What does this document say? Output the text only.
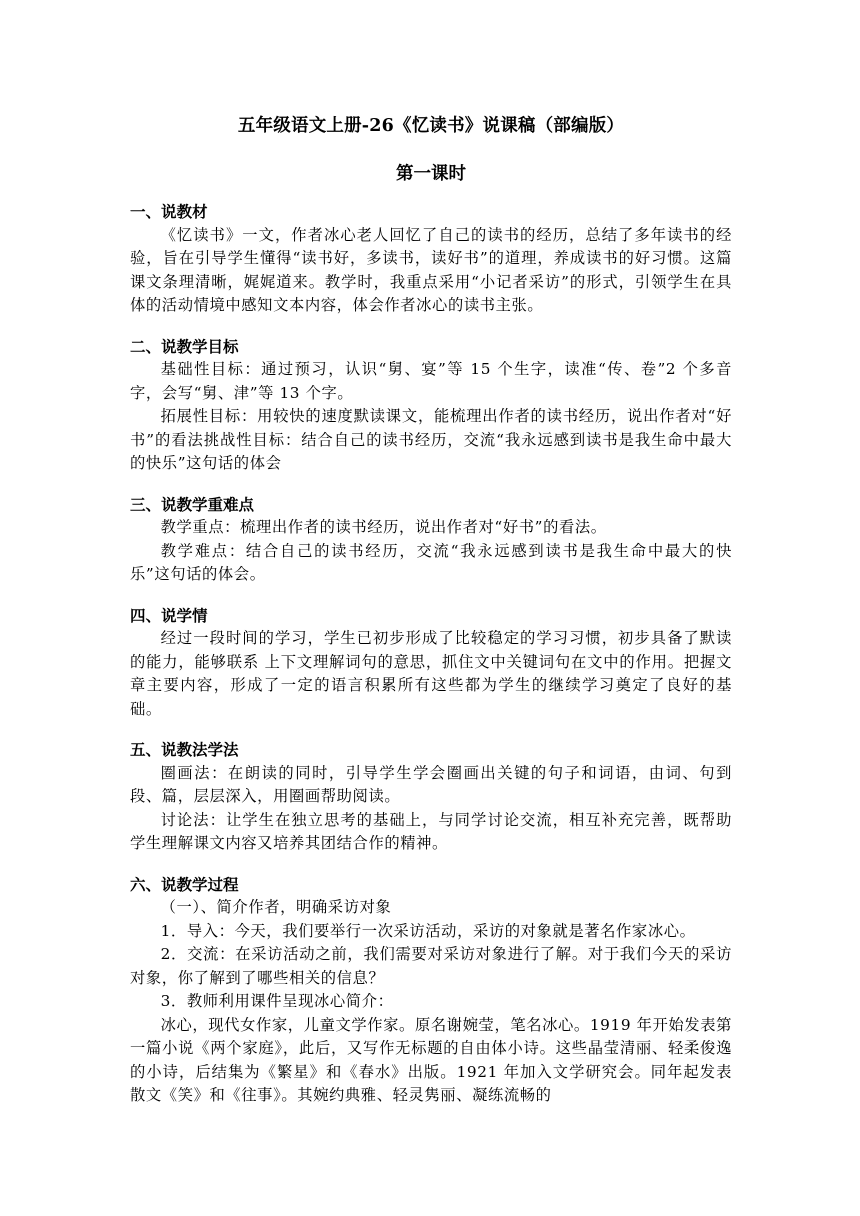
五年级语文上册-26《忆读书》说课稿（部编版）
第一课时

一、说教材

《忆读书》一文，作者冰心老人回忆了自己的读书的经历，总结了多年读书的经验，旨在引导学生懂得“读书好，多读书，读好书”的道理，养成读书的好习惯。这篇课文条理清晰，娓娓道来。教学时，我重点采用“小记者采访”的形式，引领学生在具体的活动情境中感知文本内容，体会作者冰心的读书主张。

二、说教学目标

基础性目标：通过预习，认识“舅、宴”等 15 个生字，读准“传、卷”2 个多音字，会写“舅、津”等 13 个字。

拓展性目标：用较快的速度默读课文，能梳理出作者的读书经历，说出作者对“好书”的看法挑战性目标：结合自己的读书经历，交流“我永远感到读书是我生命中最大的快乐”这句话的体会

三、说教学重难点

教学重点：梳理出作者的读书经历，说出作者对“好书”的看法。

教学难点：结合自己的读书经历，交流“我永远感到读书是我生命中最大的快乐”这句话的体会。

四、说学情

经过一段时间的学习，学生已初步形成了比较稳定的学习习惯，初步具备了默读的能力，能够联系 上下文理解词句的意思，抓住文中关键词句在文中的作用。把握文章主要内容，形成了一定的语言积累所有这些都为学生的继续学习奠定了良好的基础。

五、说教法学法

圈画法：在朗读的同时，引导学生学会圈画出关键的句子和词语，由词、句到段、篇，层层深入，用圈画帮助阅读。

讨论法：让学生在独立思考的基础上，与同学讨论交流，相互补充完善，既帮助学生理解课文内容又培养其团结合作的精神。

六、说教学过程

（一）、简介作者，明确采访对象

1．导入：今天，我们要举行一次采访活动，采访的对象就是著名作家冰心。

2．交流：在采访活动之前，我们需要对采访对象进行了解。对于我们今天的采访对象，你了解到了哪些相关的信息？

3．教师利用课件呈现冰心简介：

冰心，现代女作家，儿童文学作家。原名谢婉莹，笔名冰心。1919 年开始发表第一篇小说《两个家庭》，此后，又写作无标题的自由体小诗。这些晶莹清丽、轻柔俊逸的小诗，后结集为《繁星》和《春水》出版。1921 年加入文学研究会。同年起发表散文《笑》和《往事》。其婉约典雅、轻灵隽丽、凝练流畅的
